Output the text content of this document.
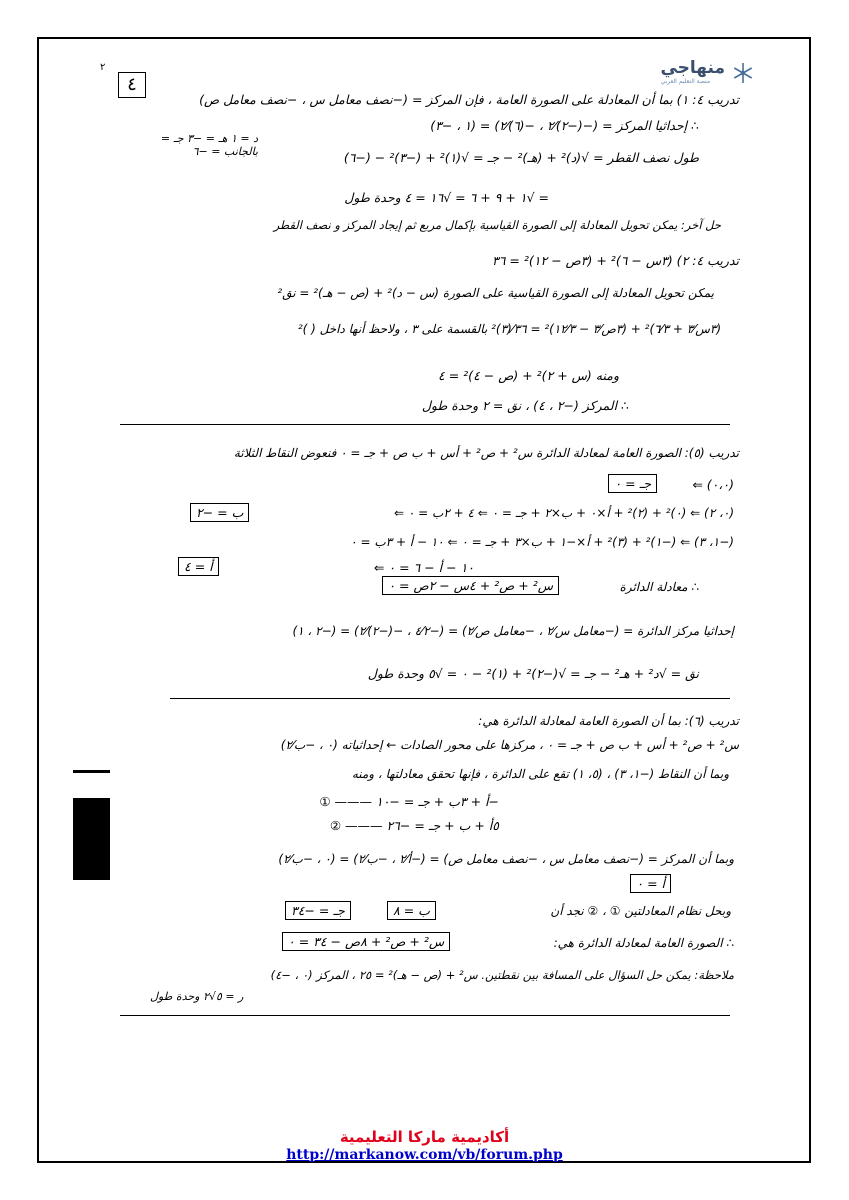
منهاجي
منصة التعليم العربي
٢
٤
تدريب ٤: ١) بما أن المعادلة على الصورة العامة ، فإن المركز = (−نصف معامل س ، −نصف معامل ص)
∴ إحداثيا المركز = (−(−٢)⁄٢ ، −(٦)⁄٢) = (١ ، −٣)
د = ١ هـ = −٣ جـ = بالجانب = −٦	طول نصف القطر = √(د)² + (هـ)² − جـ = √(١)² + (−٣)² − (−٦)
= √١ + ٩ + ٦ = √١٦ = ٤ وحدة طول
حل آخر: يمكن تحويل المعادلة إلى الصورة القياسية بإكمال مربع ثم إيجاد المركز و نصف القطر
تدريب ٤: ٢) (٣س − ٦)² + (٣ص − ١٢)² = ٣٦
يمكن تحويل المعادلة إلى الصورة القياسية على الصورة (س − د)² + (ص − هـ)² = نق²
(٣س⁄٣ + ٦⁄٣)² + (٣ص⁄٣ − ١٢⁄٣)² = ٣٦⁄(٣)² بالقسمة على ٣ ، ولاحظ أنها داخل ( )²
ومنه (س + ٢)² + (ص − ٤)² = ٤
∴ المركز (−٢ ، ٤) ، نق = ٢ وحدة طول
تدريب (٥): الصورة العامة لمعادلة الدائرة س² + ص² + أس + ب ص + جـ = ٠ فنعوض النقاط الثلاثة
(٠،٠) ⇐
جـ = ٠
(٠، ٢) ⇐ (٠)² + (٢)² + أ×٠ + ب×٢ + جـ = ٠ ⇐ ٤ + ٢ب = ٠ ⇐
ب = −٢
(−١، ٣) ⇐ (−١)² + (٣)² + أ×−١ + ب×٣ + جـ = ٠ ⇐ ١٠ − أ + ٣ب = ٠
١٠ − أ − ٦ = ٠ ⇐
أ = ٤
∴ معادلة الدائرة
س² + ص² + ٤س − ٢ص = ٠
إحداثيا مركز الدائرة = (−معامل س⁄٢ ، −معامل ص⁄٢) = (−٤⁄٢ ، −(−٢)⁄٢) = (−٢ ، ١)
نق = √د² + هـ² − جـ = √(−٢)² + (١)² − ٠ = √٥ وحدة طول
تدريب (٦): بما أن الصورة العامة لمعادلة الدائرة هي:
س² + ص² + أس + ب ص + جـ = ٠ ، مركزها على محور الصادات ← إحداثياته (٠ ، −ب⁄٢)
وبما أن النقاط (−١، ٣) ، (٥، ١) تقع على الدائرة ، فإنها تحقق معادلتها ، ومنه
−أ + ٣ب + جـ = −١٠ ——— ①
٥أ + ب + جـ = −٢٦ ——— ②
وبما أن المركز = (−نصف معامل س ، −نصف معامل ص) = (−أ⁄٢ ، −ب⁄٢) = (٠ ، −ب⁄٢)
أ = ٠
وبحل نظام المعادلتين ① ، ② نجد أن
ب = ٨
جـ = −٣٤
∴ الصورة العامة لمعادلة الدائرة هي:
س² + ص² + ٨ص − ٣٤ = ٠
ملاحظة: يمكن حل السؤال على المسافة بين نقطتين. س² + (ص − هـ)² = ٢٥ ، المركز (٠ ، −٤)
ر = ٥√٢ وحدة طول
أكاديمية ماركا التعليمية
http://markanow.com/vb/forum.php
